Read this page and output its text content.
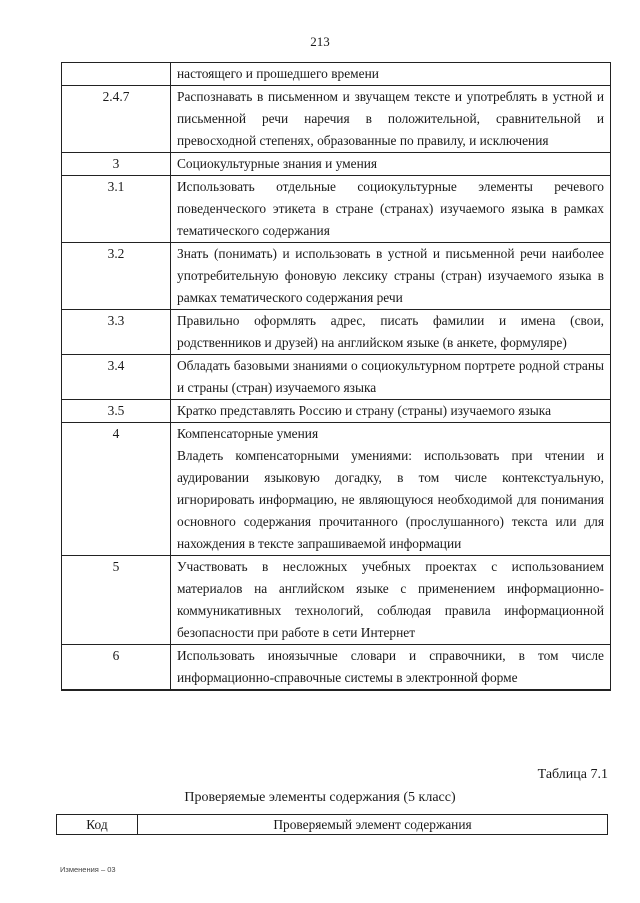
213
	настоящего и прошедшего времени
2.4.7	Распознавать в письменном и звучащем тексте и употреблять в устной и письменной речи наречия в положительной, сравнительной и превосходной степенях, образованные по правилу, и исключения
3	Социокультурные знания и умения
3.1	Использовать отдельные социокультурные элементы речевого поведенческого этикета в стране (странах) изучаемого языка в рамках тематического содержания
3.2	Знать (понимать) и использовать в устной и письменной речи наиболее употребительную фоновую лексику страны (стран) изучаемого языка в рамках тематического содержания речи
3.3	Правильно оформлять адрес, писать фамилии и имена (свои, родственников и друзей) на английском языке (в анкете, формуляре)
3.4	Обладать базовыми знаниями о социокультурном портрете родной страны и страны (стран) изучаемого языка
3.5	Кратко представлять Россию и страну (страны) изучаемого языка
4	Компенсаторные умения
Владеть компенсаторными умениями: использовать при чтении и аудировании языковую догадку, в том числе контекстуальную, игнорировать информацию, не являющуюся необходимой для понимания основного содержания прочитанного (прослушанного) текста или для нахождения в тексте запрашиваемой информации

5	Участвовать в несложных учебных проектах с использованием материалов на английском языке с применением информационно-коммуникативных технологий, соблюдая правила информационной безопасности при работе в сети Интернет
6	Использовать иноязычные словари и справочники, в том числе информационно-справочные системы в электронной форме
Таблица 7.1
Проверяемые элементы содержания (5 класс)
Код	Проверяемый элемент содержания
Изменения – 03
